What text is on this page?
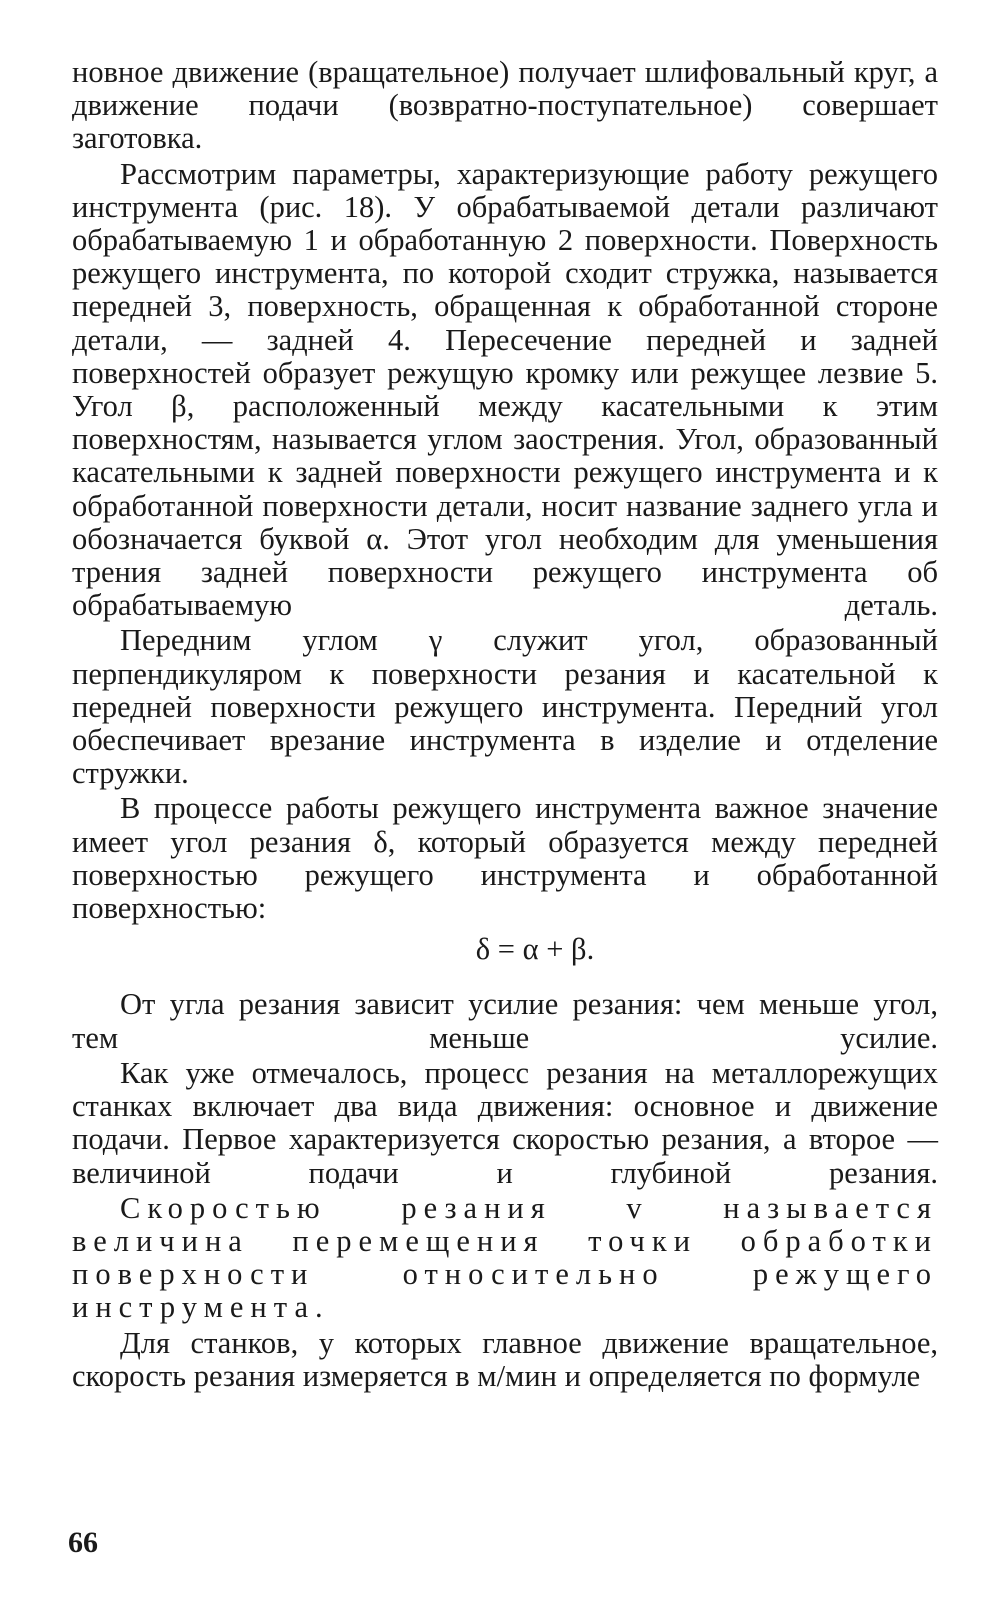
новное движение (вращательное) получает шлифовальный круг, а движение подачи (возвратно-поступательное) совершает заготовка.

Рассмотрим параметры, характеризующие работу режущего инструмента (рис. 18). У обрабатываемой детали различают обрабатываемую 1 и обработанную 2 поверхности. Поверхность режущего инструмента, по которой сходит стружка, называется передней 3, поверхность, обращенная к обработанной стороне детали, — задней 4. Пересечение передней и задней поверхностей образует режущую кромку или режущее лезвие 5. Угол β, расположенный между касательными к этим поверхностям, называется углом заострения. Угол, образованный касательными к задней поверхности режущего инструмента и к обработанной поверхности детали, носит название заднего угла и обозначается буквой α. Этот угол необходим для уменьшения трения задней поверхности режущего инструмента об обрабатываемую деталь.

Передним углом γ служит угол, образованный перпендикуляром к поверхности резания и касательной к передней поверхности режущего инструмента. Передний угол обеспечивает врезание инструмента в изделие и отделение стружки.

В процессе работы режущего инструмента важное значение имеет угол резания δ, который образуется между передней поверхностью режущего инструмента и обработанной поверхностью:

δ = α + β.

От угла резания зависит усилие резания: чем меньше угол, тем меньше усилие.

Как уже отмечалось, процесс резания на металлорежущих станках включает два вида движения: основное и движение подачи. Первое характеризуется скоростью резания, а второе — величиной подачи и глубиной резания.

Скоростью резания v называется величина перемещения точки обработки поверхности относительно режущего инструмента.

Для станков, у которых главное движение вращательное, скорость резания измеряется в м/мин и определяется по формуле

66
